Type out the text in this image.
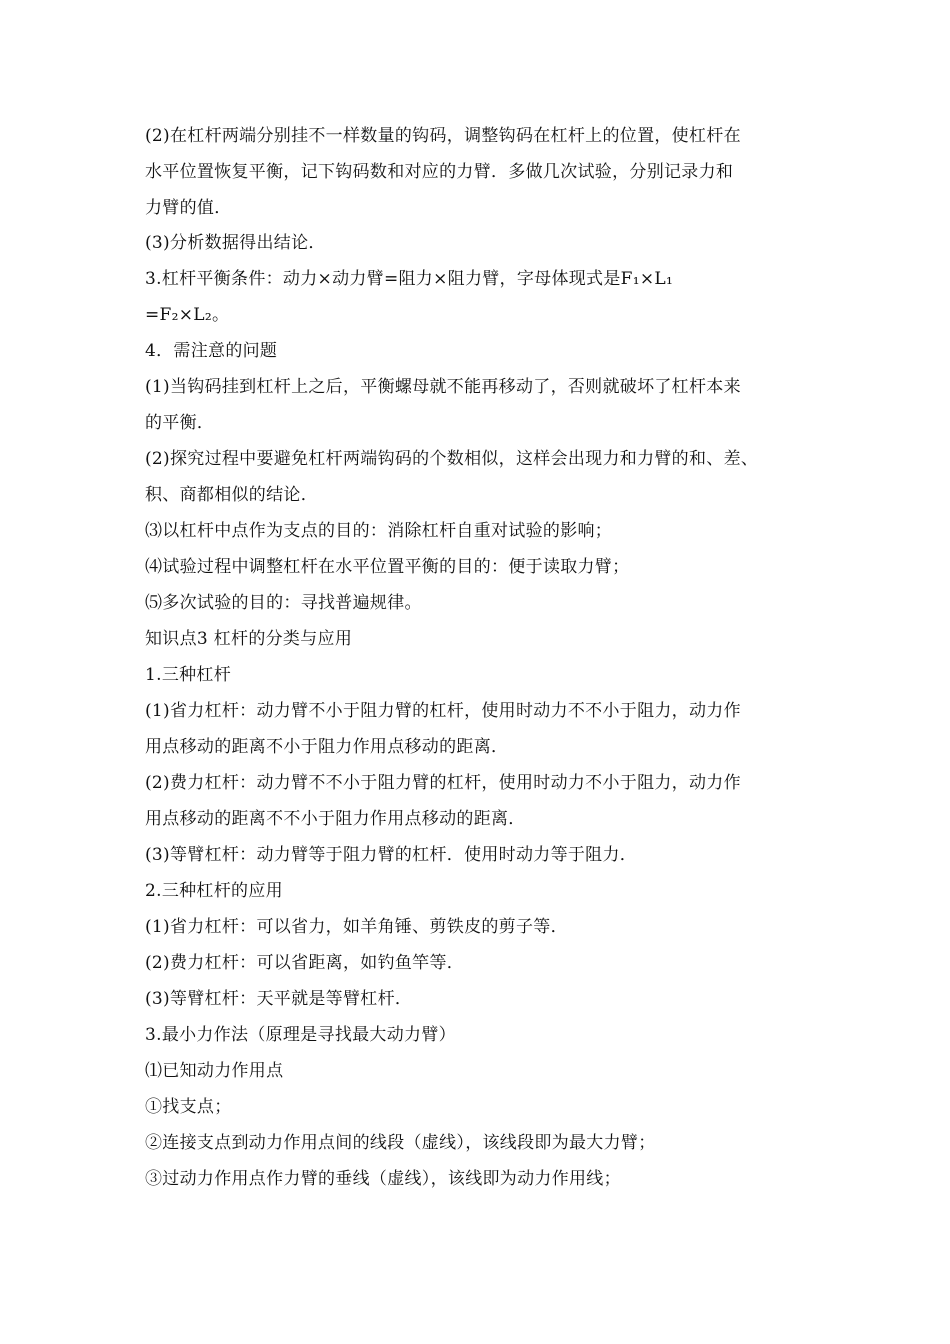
(2)在杠杆两端分别挂不一样数量的钩码，调整钩码在杠杆上的位置，使杠杆在
水平位置恢复平衡，记下钩码数和对应的力臂．多做几次试验，分别记录力和
力臂的值．
(3)分析数据得出结论．
3.杠杆平衡条件：动力×动力臂=阻力×阻力臂，字母体现式是F₁×L₁
=F₂×L₂。
4．需注意的问题
(1)当钩码挂到杠杆上之后，平衡螺母就不能再移动了，否则就破坏了杠杆本来
的平衡．
(2)探究过程中要避免杠杆两端钩码的个数相似，这样会出现力和力臂的和、差、
积、商都相似的结论．
⑶以杠杆中点作为支点的目的：消除杠杆自重对试验的影响；
⑷试验过程中调整杠杆在水平位置平衡的目的：便于读取力臂；
⑸多次试验的目的：寻找普遍规律。
知识点3 杠杆的分类与应用
1.三种杠杆
(1)省力杠杆：动力臂不小于阻力臂的杠杆，使用时动力不不小于阻力，动力作
用点移动的距离不小于阻力作用点移动的距离．
(2)费力杠杆：动力臂不不小于阻力臂的杠杆，使用时动力不小于阻力，动力作
用点移动的距离不不小于阻力作用点移动的距离．
(3)等臂杠杆：动力臂等于阻力臂的杠杆．使用时动力等于阻力．
2.三种杠杆的应用
(1)省力杠杆：可以省力，如羊角锤、剪铁皮的剪子等．
(2)费力杠杆：可以省距离，如钓鱼竿等．
(3)等臂杠杆：天平就是等臂杠杆．
3.最小力作法（原理是寻找最大动力臂）
⑴已知动力作用点
①找支点；
②连接支点到动力作用点间的线段（虚线），该线段即为最大力臂；
③过动力作用点作力臂的垂线（虚线），该线即为动力作用线；
